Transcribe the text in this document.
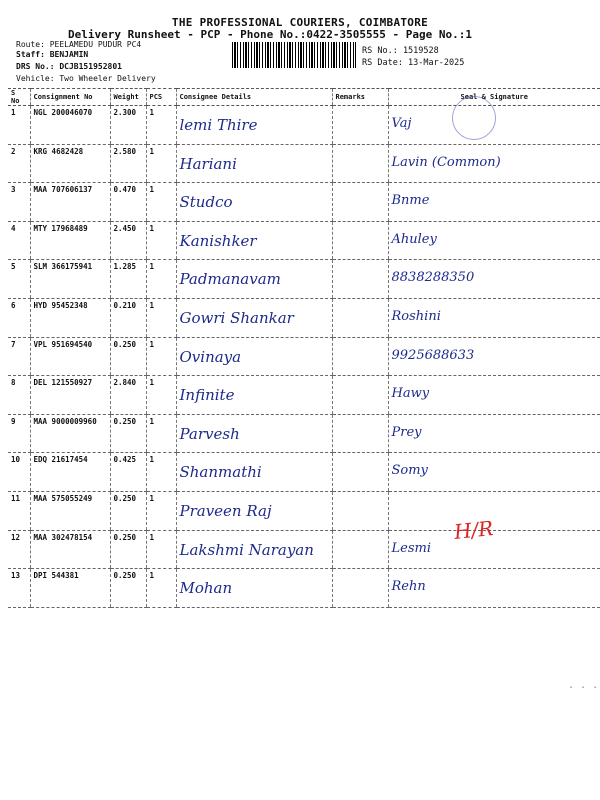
THE PROFESSIONAL COURIERS, COIMBATORE
Delivery Runsheet - PCP - Phone No.:0422-3505555 - Page No.:1
Route: PEELAMEDU PUDUR PC4
Staff: BENJAMIN
DRS No.: DCJB151952801
Vehicle: Two Wheeler Delivery
RS No.: 1519528
RS Date: 13-Mar-2025
S No	Consignment No	Weight	PCS	Consignee Details	Remarks	Seal & Signature
1	NGL 200046070	2.300	1	lemi Thire		Vaj
2	KRG 4682428	2.580	1	Hariani		Lavin (Common)
3	MAA 707606137	0.470	1	Studco		Bnme
4	MTY 17968489	2.450	1	Kanishker		Ahuley
5	SLM 366175941	1.285	1	Padmanavam		8838288350
6	HYD 95452348	0.210	1	Gowri Shankar		Roshini
7	VPL 951694540	0.250	1	Ovinaya		9925688633
8	DEL 121550927	2.840	1	Infinite		Hawy
9	MAA 9000009960	0.250	1	Parvesh		Prey
10	EDQ 21617454	0.425	1	Shanmathi		Somy
11	MAA 575055249	0.250	1	Praveen Raj		
12	MAA 302478154	0.250	1	Lakshmi Narayan		Lesmi
13	DPI 544381	0.250	1	Mohan		Rehn
H/R
. . .
